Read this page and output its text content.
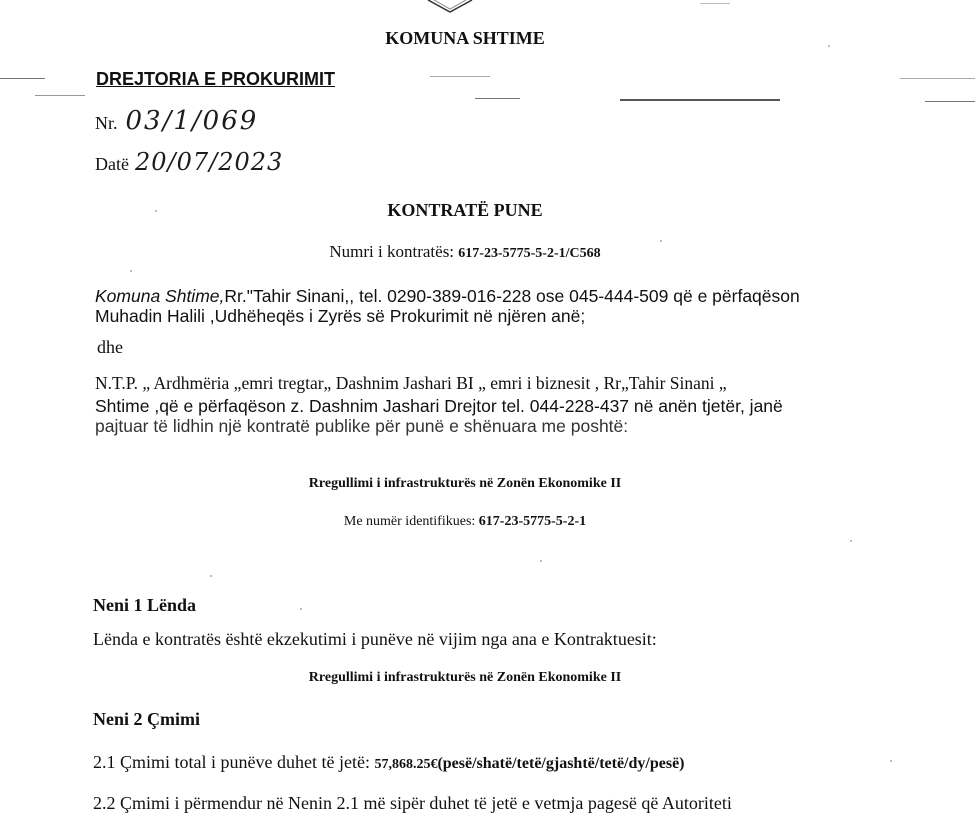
KOMUNA SHTIME
DREJTORIA E PROKURIMIT
Nr. 03/1/069
Datë 20/07/2023
KONTRATË PUNE
Numri i kontratës: 617-23-5775-5-2-1/C568
Komuna Shtime,Rr."Tahir Sinani,, tel. 0290-389-016-228 ose 045-444-509 që e përfaqëson
Muhadin Halili ,Udhëheqës i Zyrës së Prokurimit në njëren anë;
dhe
N.T.P. „ Ardhmëria „emri tregtar„ Dashnim Jashari BI „ emri i biznesit , Rr„Tahir Sinani „
Shtime ,që e përfaqëson z. Dashnim Jashari Drejtor tel. 044-228-437 në anën tjetër, janë
pajtuar të lidhin një kontratë publike për punë e shënuara me poshtë:
Rregullimi i infrastrukturës në Zonën Ekonomike II
Me numër identifikues: 617-23-5775-5-2-1
Neni 1 Lënda
Lënda e kontratës është ekzekutimi i punëve në vijim nga ana e Kontraktuesit:
Rregullimi i infrastrukturës në Zonën Ekonomike II
Neni 2 Çmimi
2.1 Çmimi total i punëve duhet të jetë: 57,868.25€(pesë/shatë/tetë/gjashtë/tetë/dy/pesë)
2.2 Çmimi i përmendur në Nenin 2.1 më sipër duhet të jetë e vetmja pagesë që Autoriteti
